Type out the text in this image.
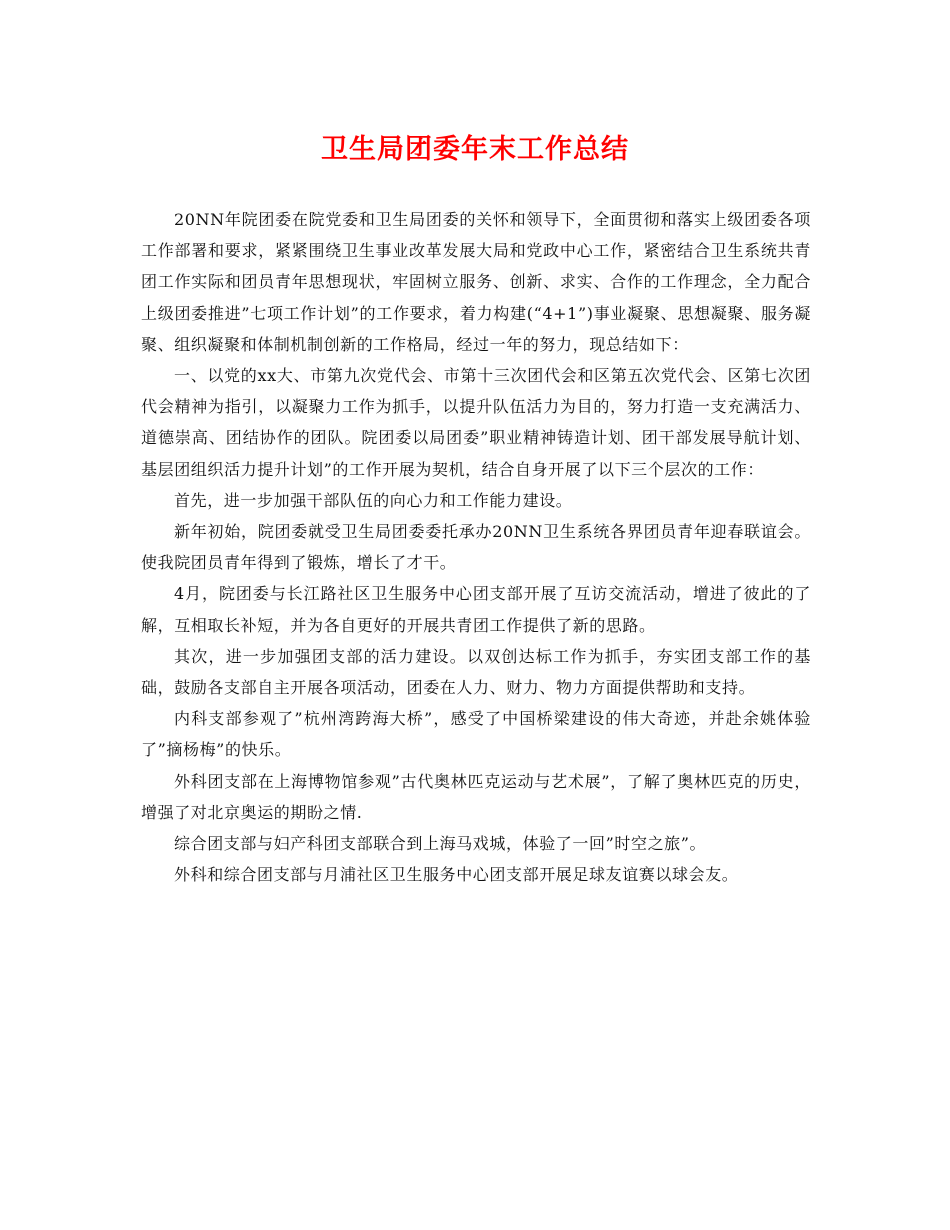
卫生局团委年末工作总结

20NN年院团委在院党委和卫生局团委的关怀和领导下，全面贯彻和落实上级团委各项工作部署和要求，紧紧围绕卫生事业改革发展大局和党政中心工作，紧密结合卫生系统共青团工作实际和团员青年思想现状，牢固树立服务、创新、求实、合作的工作理念，全力配合上级团委推进”七项工作计划”的工作要求，着力构建(“4+1”)事业凝聚、思想凝聚、服务凝聚、组织凝聚和体制机制创新的工作格局，经过一年的努力，现总结如下：

一、以党的xx大、市第九次党代会、市第十三次团代会和区第五次党代会、区第七次团代会精神为指引，以凝聚力工作为抓手，以提升队伍活力为目的，努力打造一支充满活力、道德崇高、团结协作的团队。院团委以局团委”职业精神铸造计划、团干部发展导航计划、基层团组织活力提升计划”的工作开展为契机，结合自身开展了以下三个层次的工作：

首先，进一步加强干部队伍的向心力和工作能力建设。

新年初始，院团委就受卫生局团委委托承办20NN卫生系统各界团员青年迎春联谊会。使我院团员青年得到了锻炼，增长了才干。

4月，院团委与长江路社区卫生服务中心团支部开展了互访交流活动，增进了彼此的了解，互相取长补短，并为各自更好的开展共青团工作提供了新的思路。

其次，进一步加强团支部的活力建设。以双创达标工作为抓手，夯实团支部工作的基础，鼓励各支部自主开展各项活动，团委在人力、财力、物力方面提供帮助和支持。

内科支部参观了”杭州湾跨海大桥”，感受了中国桥梁建设的伟大奇迹，并赴余姚体验了”摘杨梅”的快乐。

外科团支部在上海博物馆参观”古代奥林匹克运动与艺术展”，了解了奥林匹克的历史，增强了对北京奥运的期盼之情.

综合团支部与妇产科团支部联合到上海马戏城，体验了一回”时空之旅”。

外科和综合团支部与月浦社区卫生服务中心团支部开展足球友谊赛以球会友。
